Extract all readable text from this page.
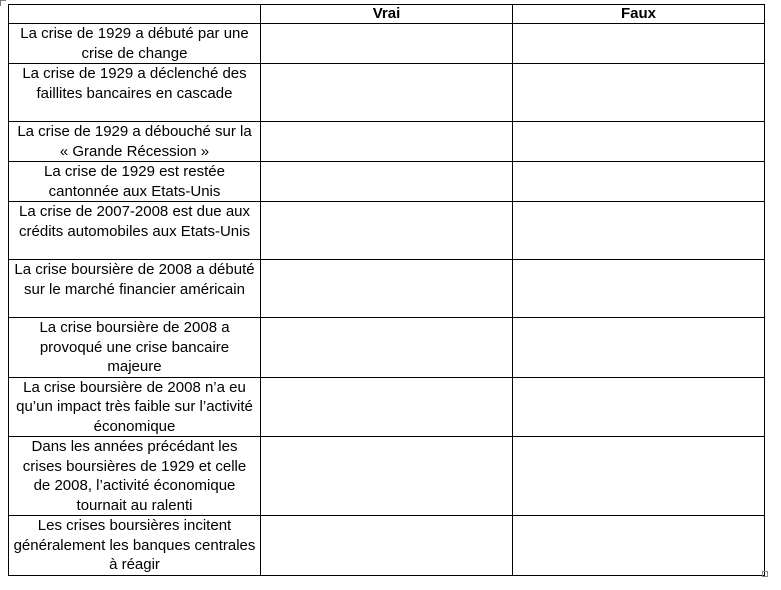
	Vrai	Faux
La crise de 1929 a débuté par une crise de change		
La crise de 1929 a déclenché des faillites bancaires en cascade		
La crise de 1929 a débouché sur la « Grande Récession »		
La crise de 1929 est restée cantonnée aux Etats-Unis		
La crise de 2007-2008 est due aux crédits automobiles aux Etats-Unis		
La crise boursière de 2008 a débuté sur le marché financier américain		
La crise boursière de 2008 a provoqué une crise bancaire majeure		
La crise boursière de 2008 n’a eu qu’un impact très faible sur l’activité économique		
Dans les années précédant les crises boursières de 1929 et celle de 2008, l’activité économique tournait au ralenti		
Les crises boursières incitent généralement les banques centrales à réagir		
